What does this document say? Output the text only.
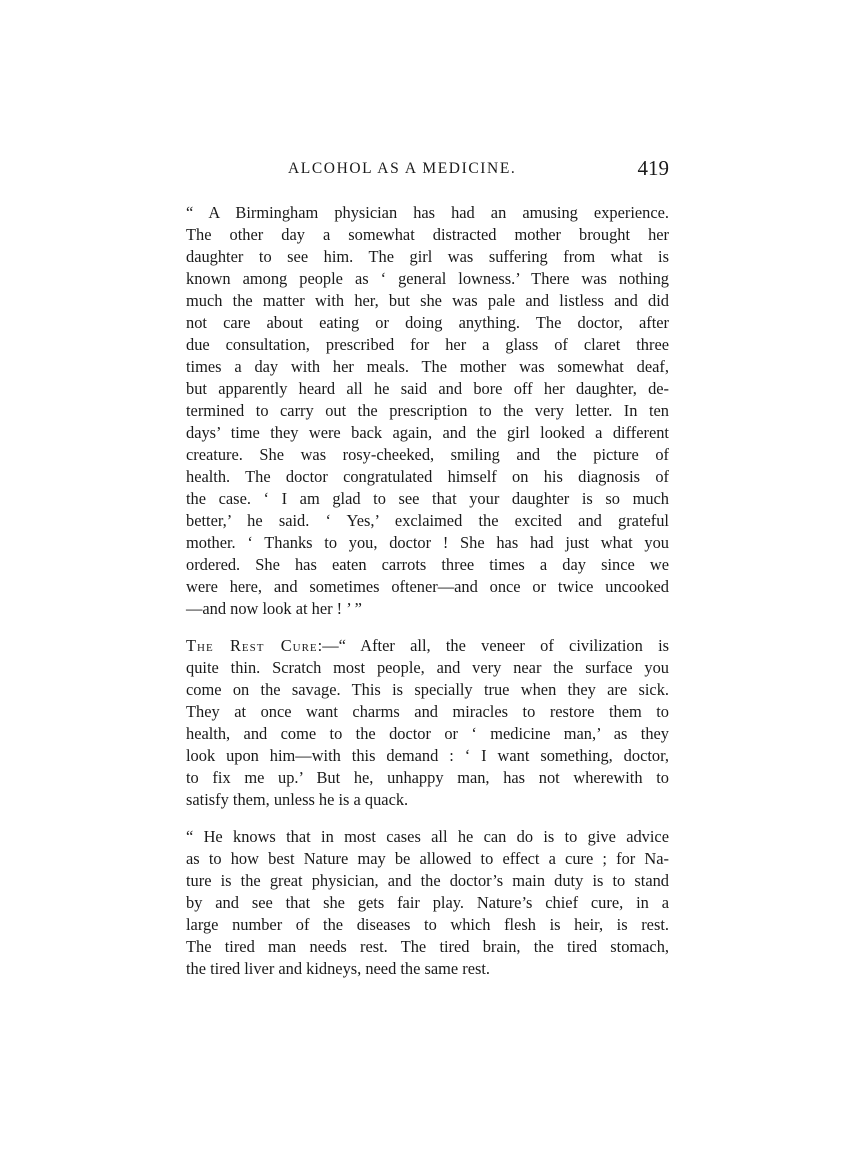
ALCOHOL AS A MEDICINE.	419

“ A Birmingham physician has had an amusing experience.
The other day a somewhat distracted mother brought her
daughter to see him. The girl was suffering from what is
known among people as ‘ general lowness.’ There was nothing
much the matter with her, but she was pale and listless and did
not care about eating or doing anything. The doctor, after
due consultation, prescribed for her a glass of claret three
times a day with her meals. The mother was somewhat deaf,
but apparently heard all he said and bore off her daughter, de-
termined to carry out the prescription to the very letter. In ten
days’ time they were back again, and the girl looked a different
creature. She was rosy-cheeked, smiling and the picture of
health. The doctor congratulated himself on his diagnosis of
the case. ‘ I am glad to see that your daughter is so much
better,’ he said. ‘ Yes,’ exclaimed the excited and grateful
mother. ‘ Thanks to you, doctor ! She has had just what you
ordered. She has eaten carrots three times a day since we
were here, and sometimes oftener—and once or twice uncooked
—and now look at her ! ’ ”

The Rest Cure:—“ After all, the veneer of civilization is
quite thin. Scratch most people, and very near the surface you
come on the savage. This is specially true when they are sick.
They at once want charms and miracles to restore them to
health, and come to the doctor or ‘ medicine man,’ as they
look upon him—with this demand : ‘ I want something, doctor,
to fix me up.’ But he, unhappy man, has not wherewith to
satisfy them, unless he is a quack.

“ He knows that in most cases all he can do is to give advice
as to how best Nature may be allowed to effect a cure ; for Na-
ture is the great physician, and the doctor’s main duty is to stand
by and see that she gets fair play. Nature’s chief cure, in a
large number of the diseases to which flesh is heir, is rest.
The tired man needs rest. The tired brain, the tired stomach,
the tired liver and kidneys, need the same rest.
